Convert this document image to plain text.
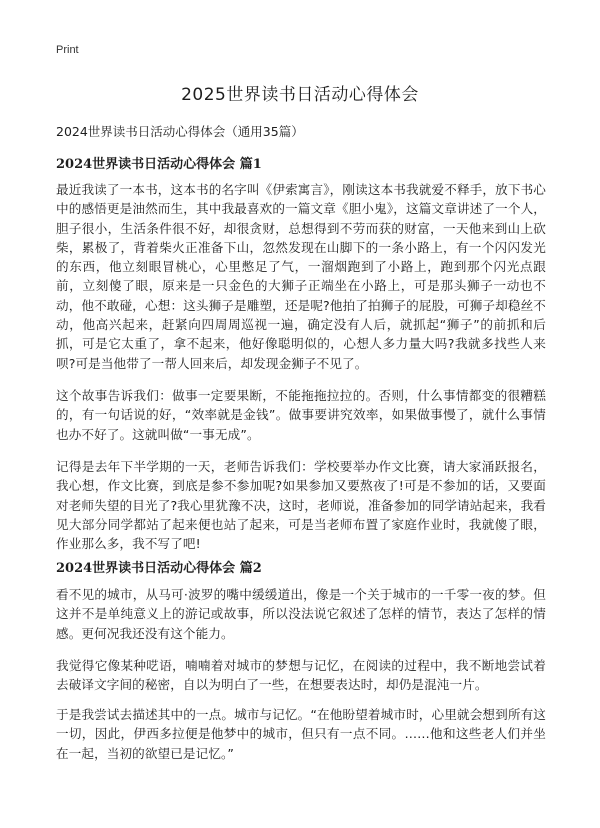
Print
2025世界读书日活动心得体会

2024世界读书日活动心得体会（通用35篇）

2024世界读书日活动心得体会 篇1

最近我读了一本书，这本书的名字叫《伊索寓言》，刚读这本书我就爱不释手，放下书心中的感悟更是油然而生，其中我最喜欢的一篇文章《胆小鬼》，这篇文章讲述了一个人，胆子很小，生活条件很不好，却很贪财，总想得到不劳而获的财富，一天他来到山上砍柴，累极了，背着柴火正准备下山，忽然发现在山脚下的一条小路上，有一个闪闪发光的东西，他立刻眼冒桃心，心里憋足了气，一溜烟跑到了小路上，跑到那个闪光点跟前，立刻傻了眼，原来是一只金色的大狮子正端坐在小路上，可是那头狮子一动也不动，他不敢碰，心想：这头狮子是雕塑，还是呢?他拍了拍狮子的屁股，可狮子却稳丝不动，他高兴起来，赶紧向四周周巡视一遍，确定没有人后，就抓起“狮子”的前抓和后抓，可是它太重了，拿不起来，他好像聪明似的，心想人多力量大吗?我就多找些人来呗?可是当他带了一帮人回来后，却发现金狮子不见了。

这个故事告诉我们：做事一定要果断，不能拖拖拉拉的。否则，什么事情都变的很糟糕的，有一句话说的好，“效率就是金钱”。做事要讲究效率，如果做事慢了，就什么事情也办不好了。这就叫做“一事无成”。

记得是去年下半学期的一天，老师告诉我们：学校要举办作文比赛，请大家涌跃报名，我心想，作文比赛，到底是参不参加呢?如果参加又要熬夜了!可是不参加的话，又要面对老师失望的目光了?我心里犹豫不决，这时，老师说，准备参加的同学请站起来，我看见大部分同学都站了起来便也站了起来，可是当老师布置了家庭作业时，我就傻了眼，作业那么多，我不写了吧!

2024世界读书日活动心得体会 篇2

看不见的城市，从马可·波罗的嘴中缓缓道出，像是一个关于城市的一千零一夜的梦。但这并不是单纯意义上的游记或故事，所以没法说它叙述了怎样的情节，表达了怎样的情感。更何况我还没有这个能力。

我觉得它像某种呓语，喃喃着对城市的梦想与记忆，在阅读的过程中，我不断地尝试着去破译文字间的秘密，自以为明白了一些，在想要表达时，却仍是混沌一片。

于是我尝试去描述其中的一点。城市与记忆。“在他盼望着城市时，心里就会想到所有这一切，因此，伊西多拉便是他梦中的城市，但只有一点不同。……他和这些老人们并坐在一起，当初的欲望已是记忆。”
